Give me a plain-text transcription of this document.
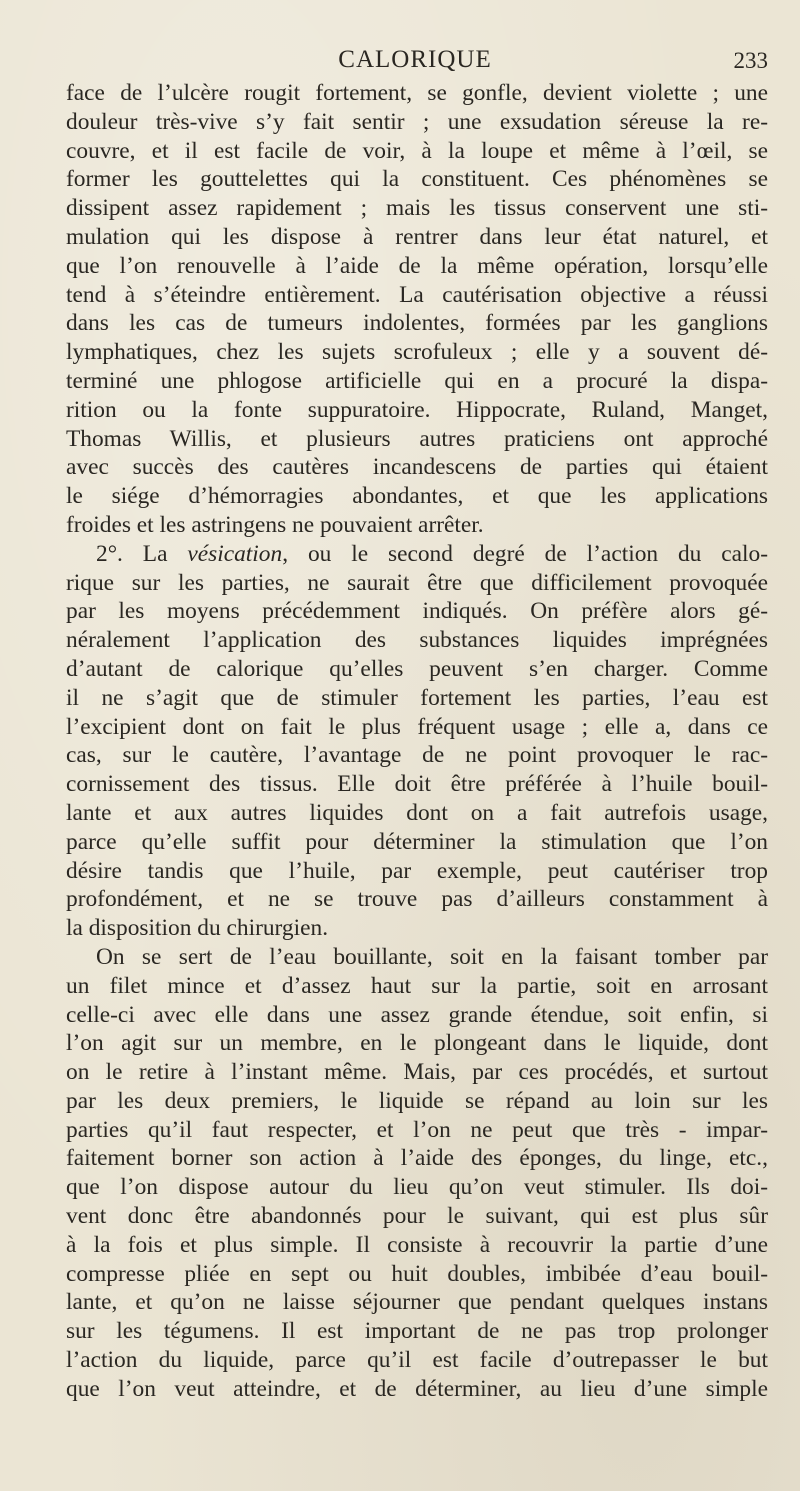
CALORIQUE	233
face de l’ulcère rougit fortement, se gonfle, devient violette ; une
douleur très-vive s’y fait sentir ; une exsudation séreuse la re-
couvre, et il est facile de voir, à la loupe et même à l’œil, se
former les gouttelettes qui la constituent. Ces phénomènes se
dissipent assez rapidement ; mais les tissus conservent une sti-
mulation qui les dispose à rentrer dans leur état naturel, et
que l’on renouvelle à l’aide de la même opération, lorsqu’elle
tend à s’éteindre entièrement. La cautérisation objective a réussi
dans les cas de tumeurs indolentes, formées par les ganglions
lymphatiques, chez les sujets scrofuleux ; elle y a souvent dé-
terminé une phlogose artificielle qui en a procuré la dispa-
rition ou la fonte suppuratoire. Hippocrate, Ruland, Manget,
Thomas Willis, et plusieurs autres praticiens ont approché
avec succès des cautères incandescens de parties qui étaient
le siége d’hémorragies abondantes, et que les applications
froides et les astringens ne pouvaient arrêter.
2°. La vésication, ou le second degré de l’action du calo-
rique sur les parties, ne saurait être que difficilement provoquée
par les moyens précédemment indiqués. On préfère alors gé-
néralement l’application des substances liquides imprégnées
d’autant de calorique qu’elles peuvent s’en charger. Comme
il ne s’agit que de stimuler fortement les parties, l’eau est
l’excipient dont on fait le plus fréquent usage ; elle a, dans ce
cas, sur le cautère, l’avantage de ne point provoquer le rac-
cornissement des tissus. Elle doit être préférée à l’huile bouil-
lante et aux autres liquides dont on a fait autrefois usage,
parce qu’elle suffit pour déterminer la stimulation que l’on
désire tandis que l’huile, par exemple, peut cautériser trop
profondément, et ne se trouve pas d’ailleurs constamment à
la disposition du chirurgien.
On se sert de l’eau bouillante, soit en la faisant tomber par
un filet mince et d’assez haut sur la partie, soit en arrosant
celle-ci avec elle dans une assez grande étendue, soit enfin, si
l’on agit sur un membre, en le plongeant dans le liquide, dont
on le retire à l’instant même. Mais, par ces procédés, et surtout
par les deux premiers, le liquide se répand au loin sur les
parties qu’il faut respecter, et l’on ne peut que très - impar-
faitement borner son action à l’aide des éponges, du linge, etc.,
que l’on dispose autour du lieu qu’on veut stimuler. Ils doi-
vent donc être abandonnés pour le suivant, qui est plus sûr
à la fois et plus simple. Il consiste à recouvrir la partie d’une
compresse pliée en sept ou huit doubles, imbibée d’eau bouil-
lante, et qu’on ne laisse séjourner que pendant quelques instans
sur les tégumens. Il est important de ne pas trop prolonger
l’action du liquide, parce qu’il est facile d’outrepasser le but
que l’on veut atteindre, et de déterminer, au lieu d’une simple
